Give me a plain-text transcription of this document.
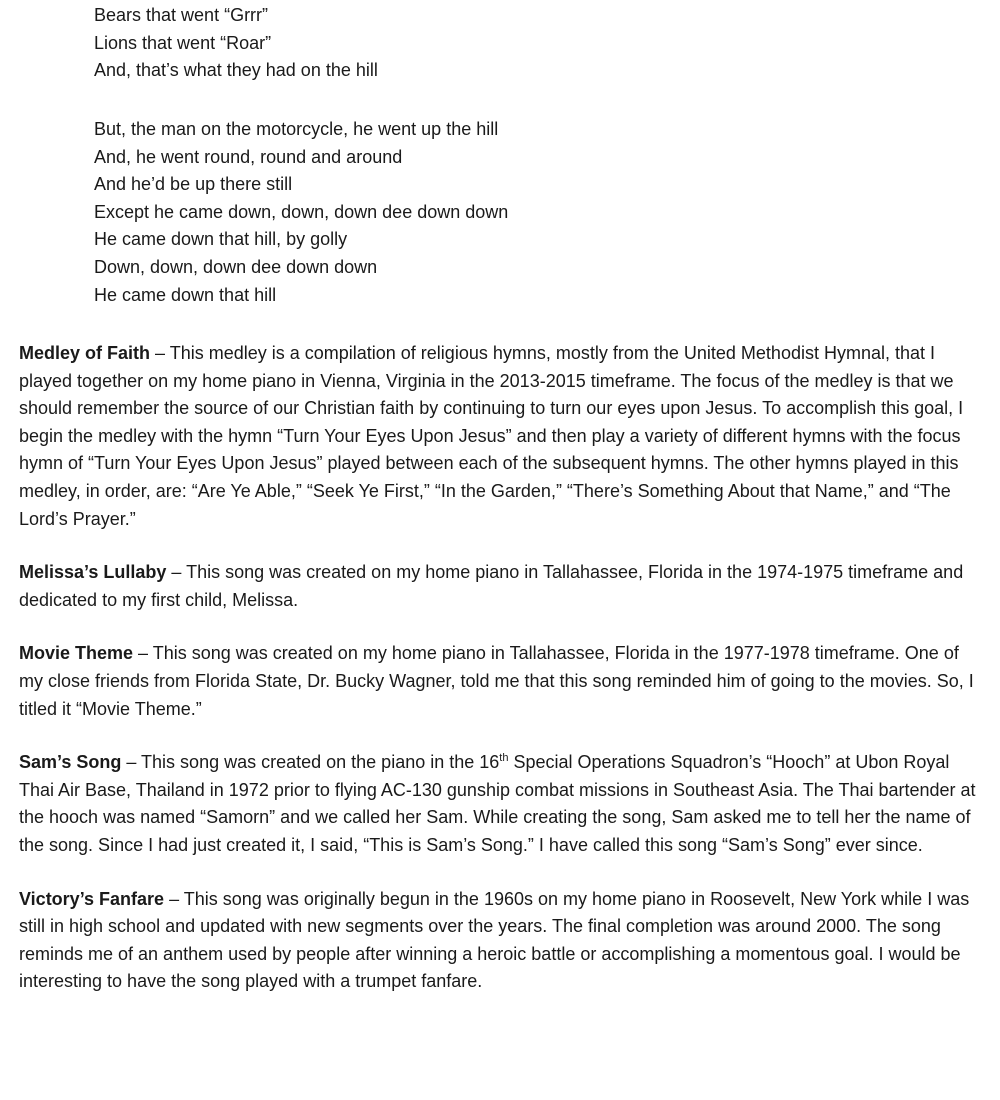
Bears that went “Grrr”
Lions that went “Roar”
And, that’s what they had on the hill
But, the man on the motorcycle, he went up the hill
And, he went round, round and around
And he’d be up there still
Except he came down, down, down dee down down
He came down that hill, by golly
Down, down, down dee down down
He came down that hill

Medley of Faith – This medley is a compilation of religious hymns, mostly from the United Methodist Hymnal, that I played together on my home piano in Vienna, Virginia in the 2013-2015 timeframe. The focus of the medley is that we should remember the source of our Christian faith by continuing to turn our eyes upon Jesus. To accomplish this goal, I begin the medley with the hymn “Turn Your Eyes Upon Jesus” and then play a variety of different hymns with the focus hymn of “Turn Your Eyes Upon Jesus” played between each of the subsequent hymns. The other hymns played in this medley, in order, are: “Are Ye Able,” “Seek Ye First,” “In the Garden,” “There’s Something About that Name,” and “The Lord’s Prayer.”

Melissa’s Lullaby – This song was created on my home piano in Tallahassee, Florida in the 1974-1975 timeframe and dedicated to my first child, Melissa.

Movie Theme – This song was created on my home piano in Tallahassee, Florida in the 1977-1978 timeframe. One of my close friends from Florida State, Dr. Bucky Wagner, told me that this song reminded him of going to the movies. So, I titled it “Movie Theme.”

Sam’s Song – This song was created on the piano in the 16th Special Operations Squadron’s “Hooch” at Ubon Royal Thai Air Base, Thailand in 1972 prior to flying AC-130 gunship combat missions in Southeast Asia. The Thai bartender at the hooch was named “Samorn” and we called her Sam. While creating the song, Sam asked me to tell her the name of the song. Since I had just created it, I said, “This is Sam’s Song.” I have called this song “Sam’s Song” ever since.

Victory’s Fanfare – This song was originally begun in the 1960s on my home piano in Roosevelt, New York while I was still in high school and updated with new segments over the years. The final completion was around 2000. The song reminds me of an anthem used by people after winning a heroic battle or accomplishing a momentous goal. I would be interesting to have the song played with a trumpet fanfare.
